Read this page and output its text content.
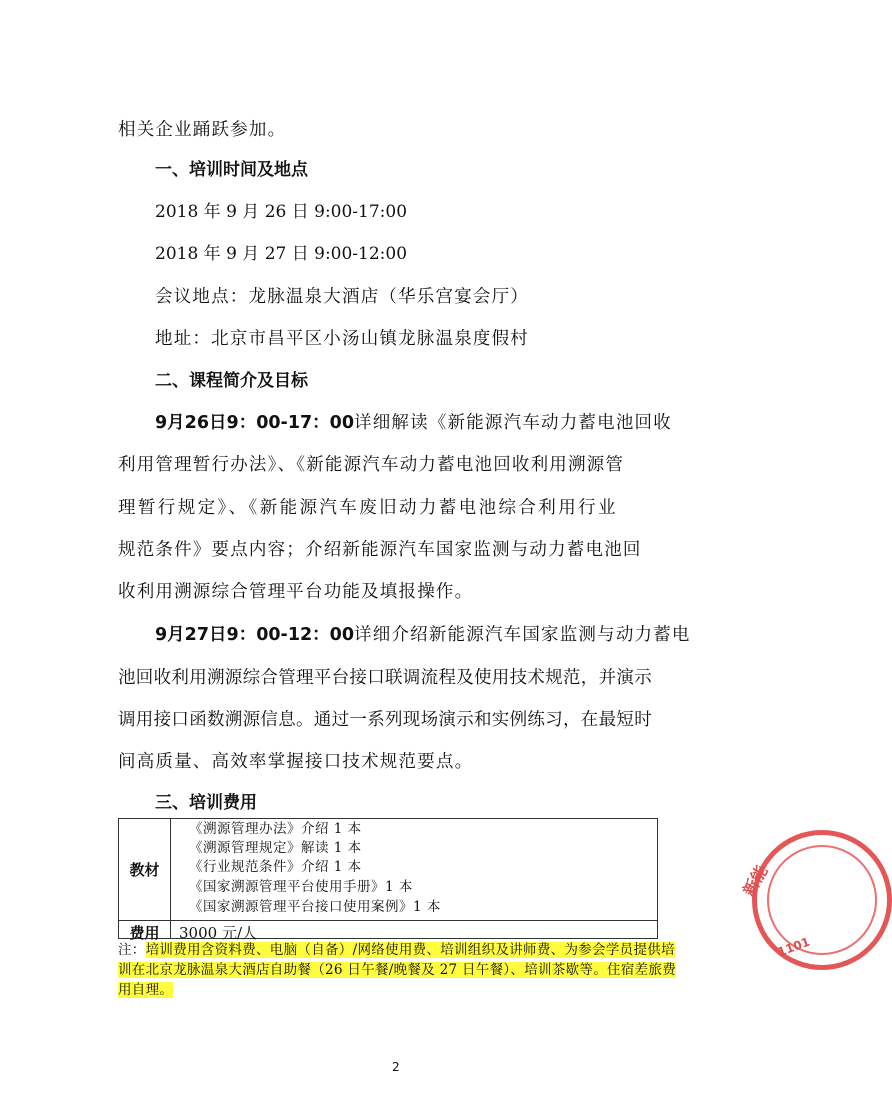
相关企业踊跃参加。
一、培训时间及地点
2018 年 9 月 26 日 9:00-17:00
2018 年 9 月 27 日 9:00-12:00
会议地点：龙脉温泉大酒店（华乐宫宴会厅）
地址：北京市昌平区小汤山镇龙脉温泉度假村
二、课程简介及目标
9月26日9：00-17：00详细解读《新能源汽车动力蓄电池回收
利用管理暂行办法》、《新能源汽车动力蓄电池回收利用溯源管
理暂行规定》、《新能源汽车废旧动力蓄电池综合利用行业
规范条件》要点内容；介绍新能源汽车国家监测与动力蓄电池回
收利用溯源综合管理平台功能及填报操作。
9月27日9：00-12：00详细介绍新能源汽车国家监测与动力蓄电
池回收利用溯源综合管理平台接口联调流程及使用技术规范，并演示
调用接口函数溯源信息。通过一系列现场演示和实例练习，在最短时
间高质量、高效率掌握接口技术规范要点。
三、培训费用
教材
《溯源管理办法》介绍 1 本
《溯源管理规定》解读 1 本
《行业规范条件》介绍 1 本
《国家溯源管理平台使用手册》1 本
《国家溯源管理平台接口使用案例》1 本
费用	3000 元/人
注：培训费用含资料费、电脑（自备）/网络使用费、培训组织及讲师费、为参会学员提供培训在北京龙脉温泉大酒店自助餐（26 日午餐/晚餐及 27 日午餐）、培训茶歇等。住宿差旅费用自理。
2
新能
1101
